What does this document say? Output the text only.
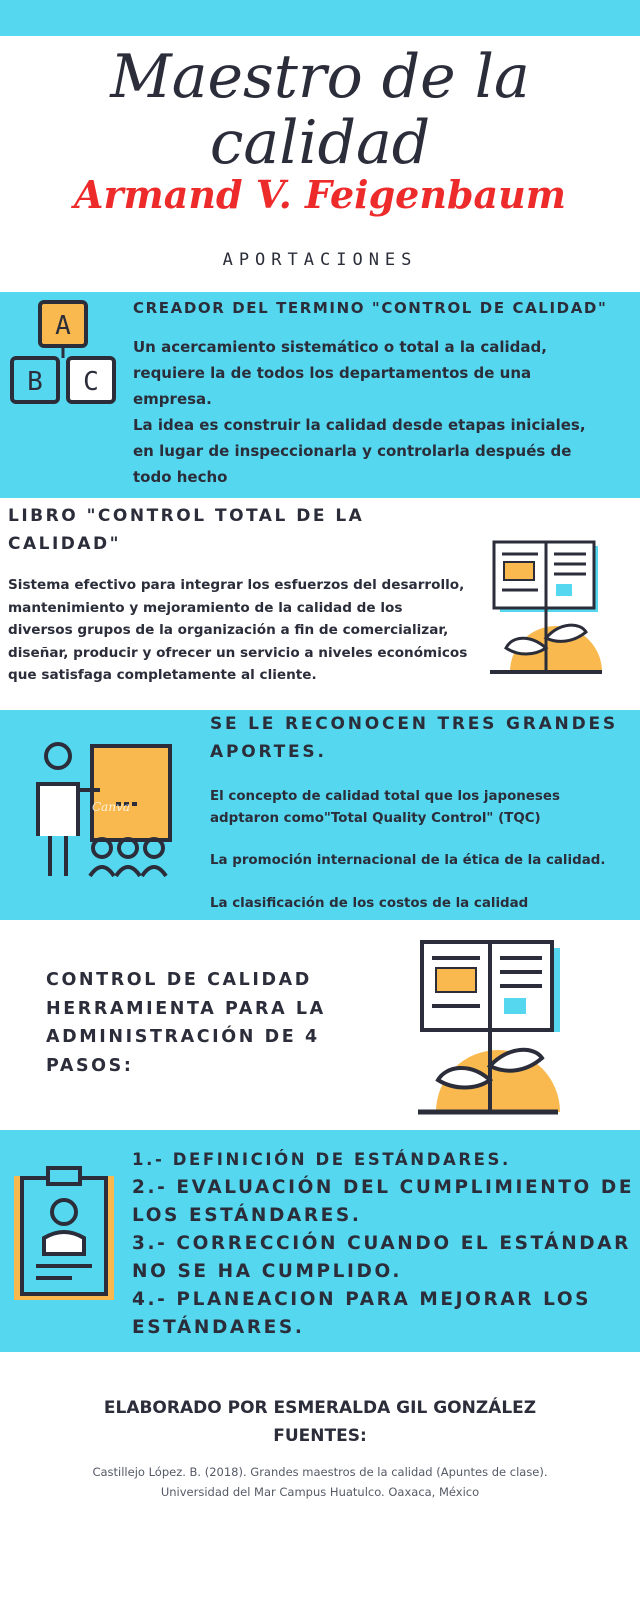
Maestro de la
calidad
Armand V. Feigenbaum
APORTACIONES
A
B	C
CREADOR DEL TERMINO "CONTROL DE CALIDAD"
Un acercamiento sistemático o total a la calidad,
requiere la de todos los departamentos de una
empresa.
La idea es construir la calidad desde etapas iniciales,
en lugar de inspeccionarla y controlarla después de
todo hecho
LIBRO "CONTROL TOTAL DE LA
CALIDAD"
Sistema efectivo para integrar los esfuerzos del desarrollo,
mantenimiento y mejoramiento de la calidad de los
diversos grupos de la organización a fin de comercializar,
diseñar, producir y ofrecer un servicio a niveles económicos
que satisfaga completamente al cliente.
Canva
SE LE RECONOCEN TRES GRANDES
APORTES.
El concepto de calidad total que los japoneses
adptaron como"Total Quality Control" (TQC)
La promoción internacional de la ética de la calidad.
La clasificación de los costos de la calidad
CONTROL DE CALIDAD
HERRAMIENTA PARA LA
ADMINISTRACIÓN DE 4
PASOS:
1.- DEFINICIÓN DE ESTÁNDARES.
2.- EVALUACIÓN DEL CUMPLIMIENTO DE
LOS ESTÁNDARES.
3.- CORRECCIÓN CUANDO EL ESTÁNDAR
NO SE HA CUMPLIDO.
4.- PLANEACION PARA MEJORAR LOS
ESTÁNDARES.
ELABORADO POR ESMERALDA GIL GONZÁLEZ
FUENTES:
Castillejo López. B. (2018). Grandes maestros de la calidad (Apuntes de clase).
Universidad del Mar Campus Huatulco. Oaxaca, México
